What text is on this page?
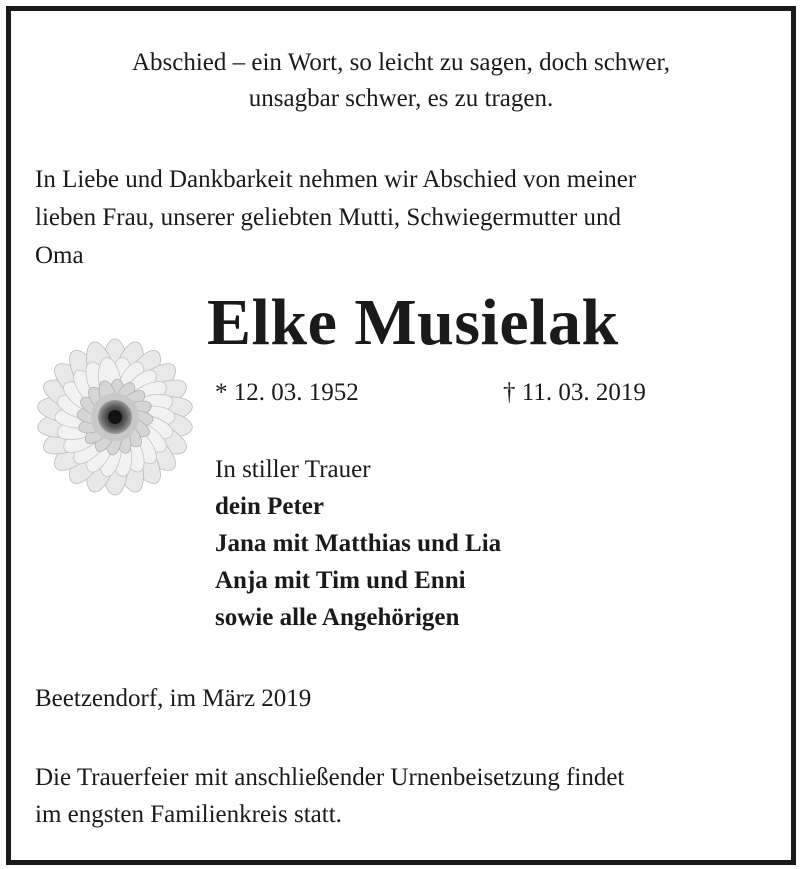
Abschied – ein Wort, so leicht zu sagen, doch schwer,
unsagbar schwer, es zu tragen.
In Liebe und Dankbarkeit nehmen wir Abschied von meiner
lieben Frau, unserer geliebten Mutti, Schwiegermutter und
Oma
Elke Musielak
* 12. 03. 1952	† 11. 03. 2019
In stiller Trauer
dein Peter
Jana mit Matthias und Lia
Anja mit Tim und Enni
sowie alle Angehörigen
Beetzendorf, im März 2019
Die Trauerfeier mit anschließender Urnenbeisetzung findet
im engsten Familienkreis statt.
